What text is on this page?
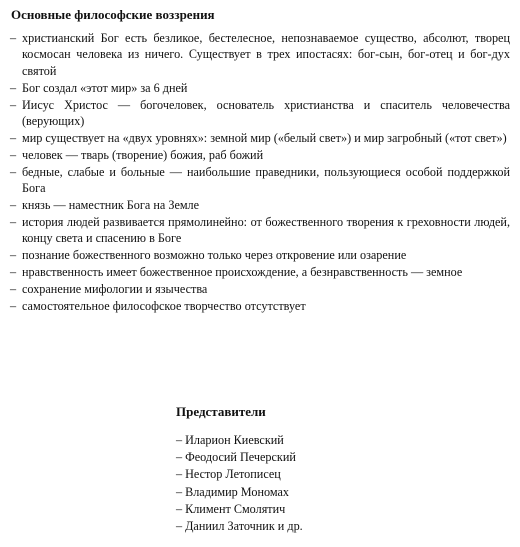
Основные философские воззрения
– христианский Бог есть безликое, бестелесное, непознаваемое существо, абсолют, творец космосан человека из ничего. Существует в трех ипостасях: бог-сын, бог-отец и бог-дух святой
– Бог создал «этот мир» за 6 дней
– Иисус Христос — богочеловек, основатель христианства и спаситель человечества (верующих)
– мир существует на «двух уровнях»: земной мир («белый свет») и мир загробный («тот свет»)
– человек — тварь (творение) божия, раб божий
– бедные, слабые и больные — наибольшие праведники, пользующиеся особой поддержкой Бога
– князь — наместник Бога на Земле
– история людей развивается прямолинейно: от божественного творения к греховности людей, концу света и спасению в Боге
– познание божественного возможно только через откровение или озарение
– нравственность имеет божественное происхождение, а безнравственность — земное
– сохранение мифологии и язычества
– самостоятельное философское творчество отсутствует
Представители
– Иларион Киевский
– Феодосий Печерский
– Нестор Летописец
– Владимир Мономах
– Климент Смолятич
– Даниил Заточник и др.
